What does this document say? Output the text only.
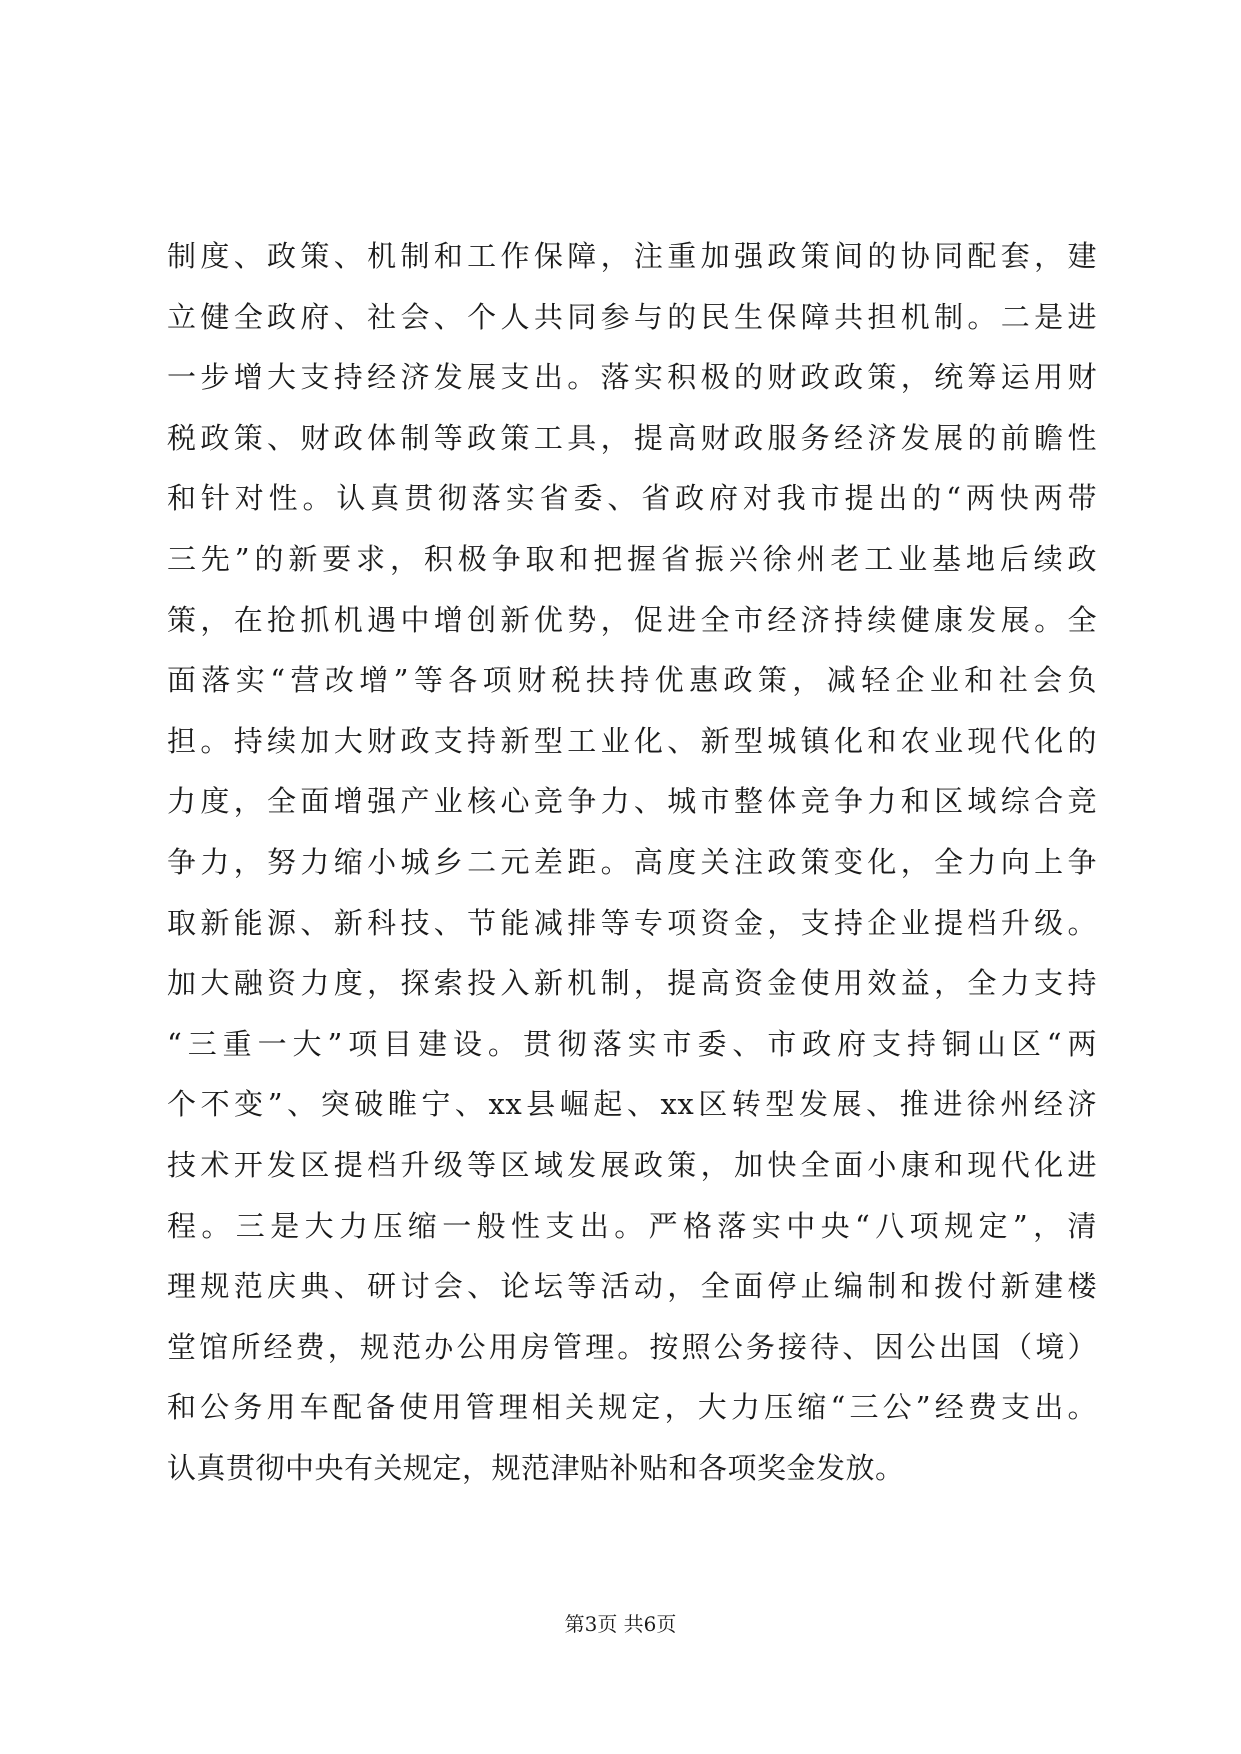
制度、政策、机制和工作保障，注重加强政策间的协同配套，建
立健全政府、社会、个人共同参与的民生保障共担机制。二是进
一步增大支持经济发展支出。落实积极的财政政策，统筹运用财
税政策、财政体制等政策工具，提高财政服务经济发展的前瞻性
和针对性。认真贯彻落实省委、省政府对我市提出的“两快两带
三先”的新要求，积极争取和把握省振兴徐州老工业基地后续政
策，在抢抓机遇中增创新优势，促进全市经济持续健康发展。全
面落实“营改增”等各项财税扶持优惠政策，减轻企业和社会负
担。持续加大财政支持新型工业化、新型城镇化和农业现代化的
力度，全面增强产业核心竞争力、城市整体竞争力和区域综合竞
争力，努力缩小城乡二元差距。高度关注政策变化，全力向上争
取新能源、新科技、节能减排等专项资金，支持企业提档升级。
加大融资力度，探索投入新机制，提高资金使用效益，全力支持
“三重一大”项目建设。贯彻落实市委、市政府支持铜山区“两
个不变”、突破睢宁、xx县崛起、xx区转型发展、推进徐州经济
技术开发区提档升级等区域发展政策，加快全面小康和现代化进
程。三是大力压缩一般性支出。严格落实中央“八项规定”，清
理规范庆典、研讨会、论坛等活动，全面停止编制和拨付新建楼
堂馆所经费，规范办公用房管理。按照公务接待、因公出国（境）
和公务用车配备使用管理相关规定，大力压缩“三公”经费支出。
认真贯彻中央有关规定，规范津贴补贴和各项奖金发放。
第3页 共6页
